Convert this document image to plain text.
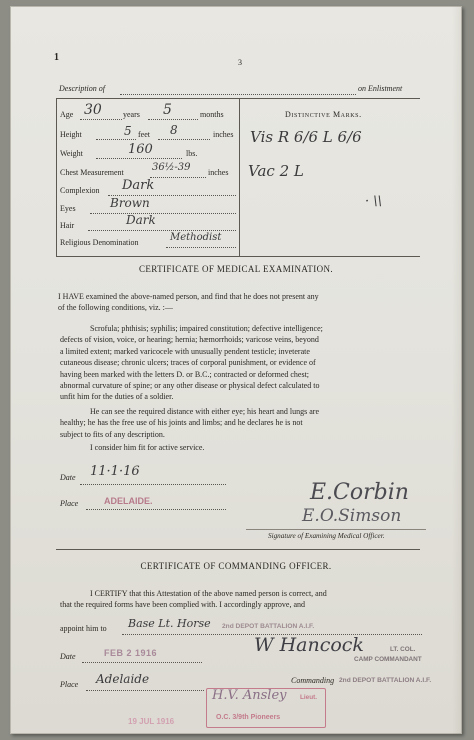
1	3
Description of	on Enlistment
Age 30	years 5	months
Height	5 feet 8	inches
Weight	160	lbs.
Chest Measurement	36½-39 inches
Complexion Dark
Eyes	Brown
Hair	Dark
Religious Denomination	Methodist
Distinctive Marks.
Vis R 6/6 L 6/6
Vac 2 L
· \\
CERTIFICATE OF MEDICAL EXAMINATION.
I HAVE examined the above-named person, and find that he does not present any
of the following conditions, viz. :—
Scrofula; phthisis; syphilis; impaired constitution; defective intelligence;
defects of vision, voice, or hearing; hernia; hæmorrhoids; varicose veins, beyond
a limited extent; marked varicocele with unusually pendent testicle; inveterate
cutaneous disease; chronic ulcers; traces of corporal punishment, or evidence of
having been marked with the letters D. or B.C.; contracted or deformed chest;
abnormal curvature of spine; or any other disease or physical defect calculated to
unfit him for the duties of a soldier.
He can see the required distance with either eye; his heart and lungs are
healthy; he has the free use of his joints and limbs; and he declares he is not
subject to fits of any description.
I consider him fit for active service.
Date 11·1·16
Place	ADELAIDE.	E.Corbin
E.O.Simson
Signature of Examining Medical Officer.
CERTIFICATE OF COMMANDING OFFICER.
I CERTIFY that this Attestation of the above named person is correct, and
that the required forms have been complied with. I accordingly approve, and
appoint him to Base Lt. Horse 2nd DEPOT BATTALION A.I.F.
Date	FEB 2 1916	W Hancock	LT. COL.
CAMP COMMANDANT
Place Adelaide	Commanding 2nd DEPOT BATTALION A.I.F.
H.V. Ansley Lieut.
O.C. 3/9th Pioneers
19 JUL 1916
